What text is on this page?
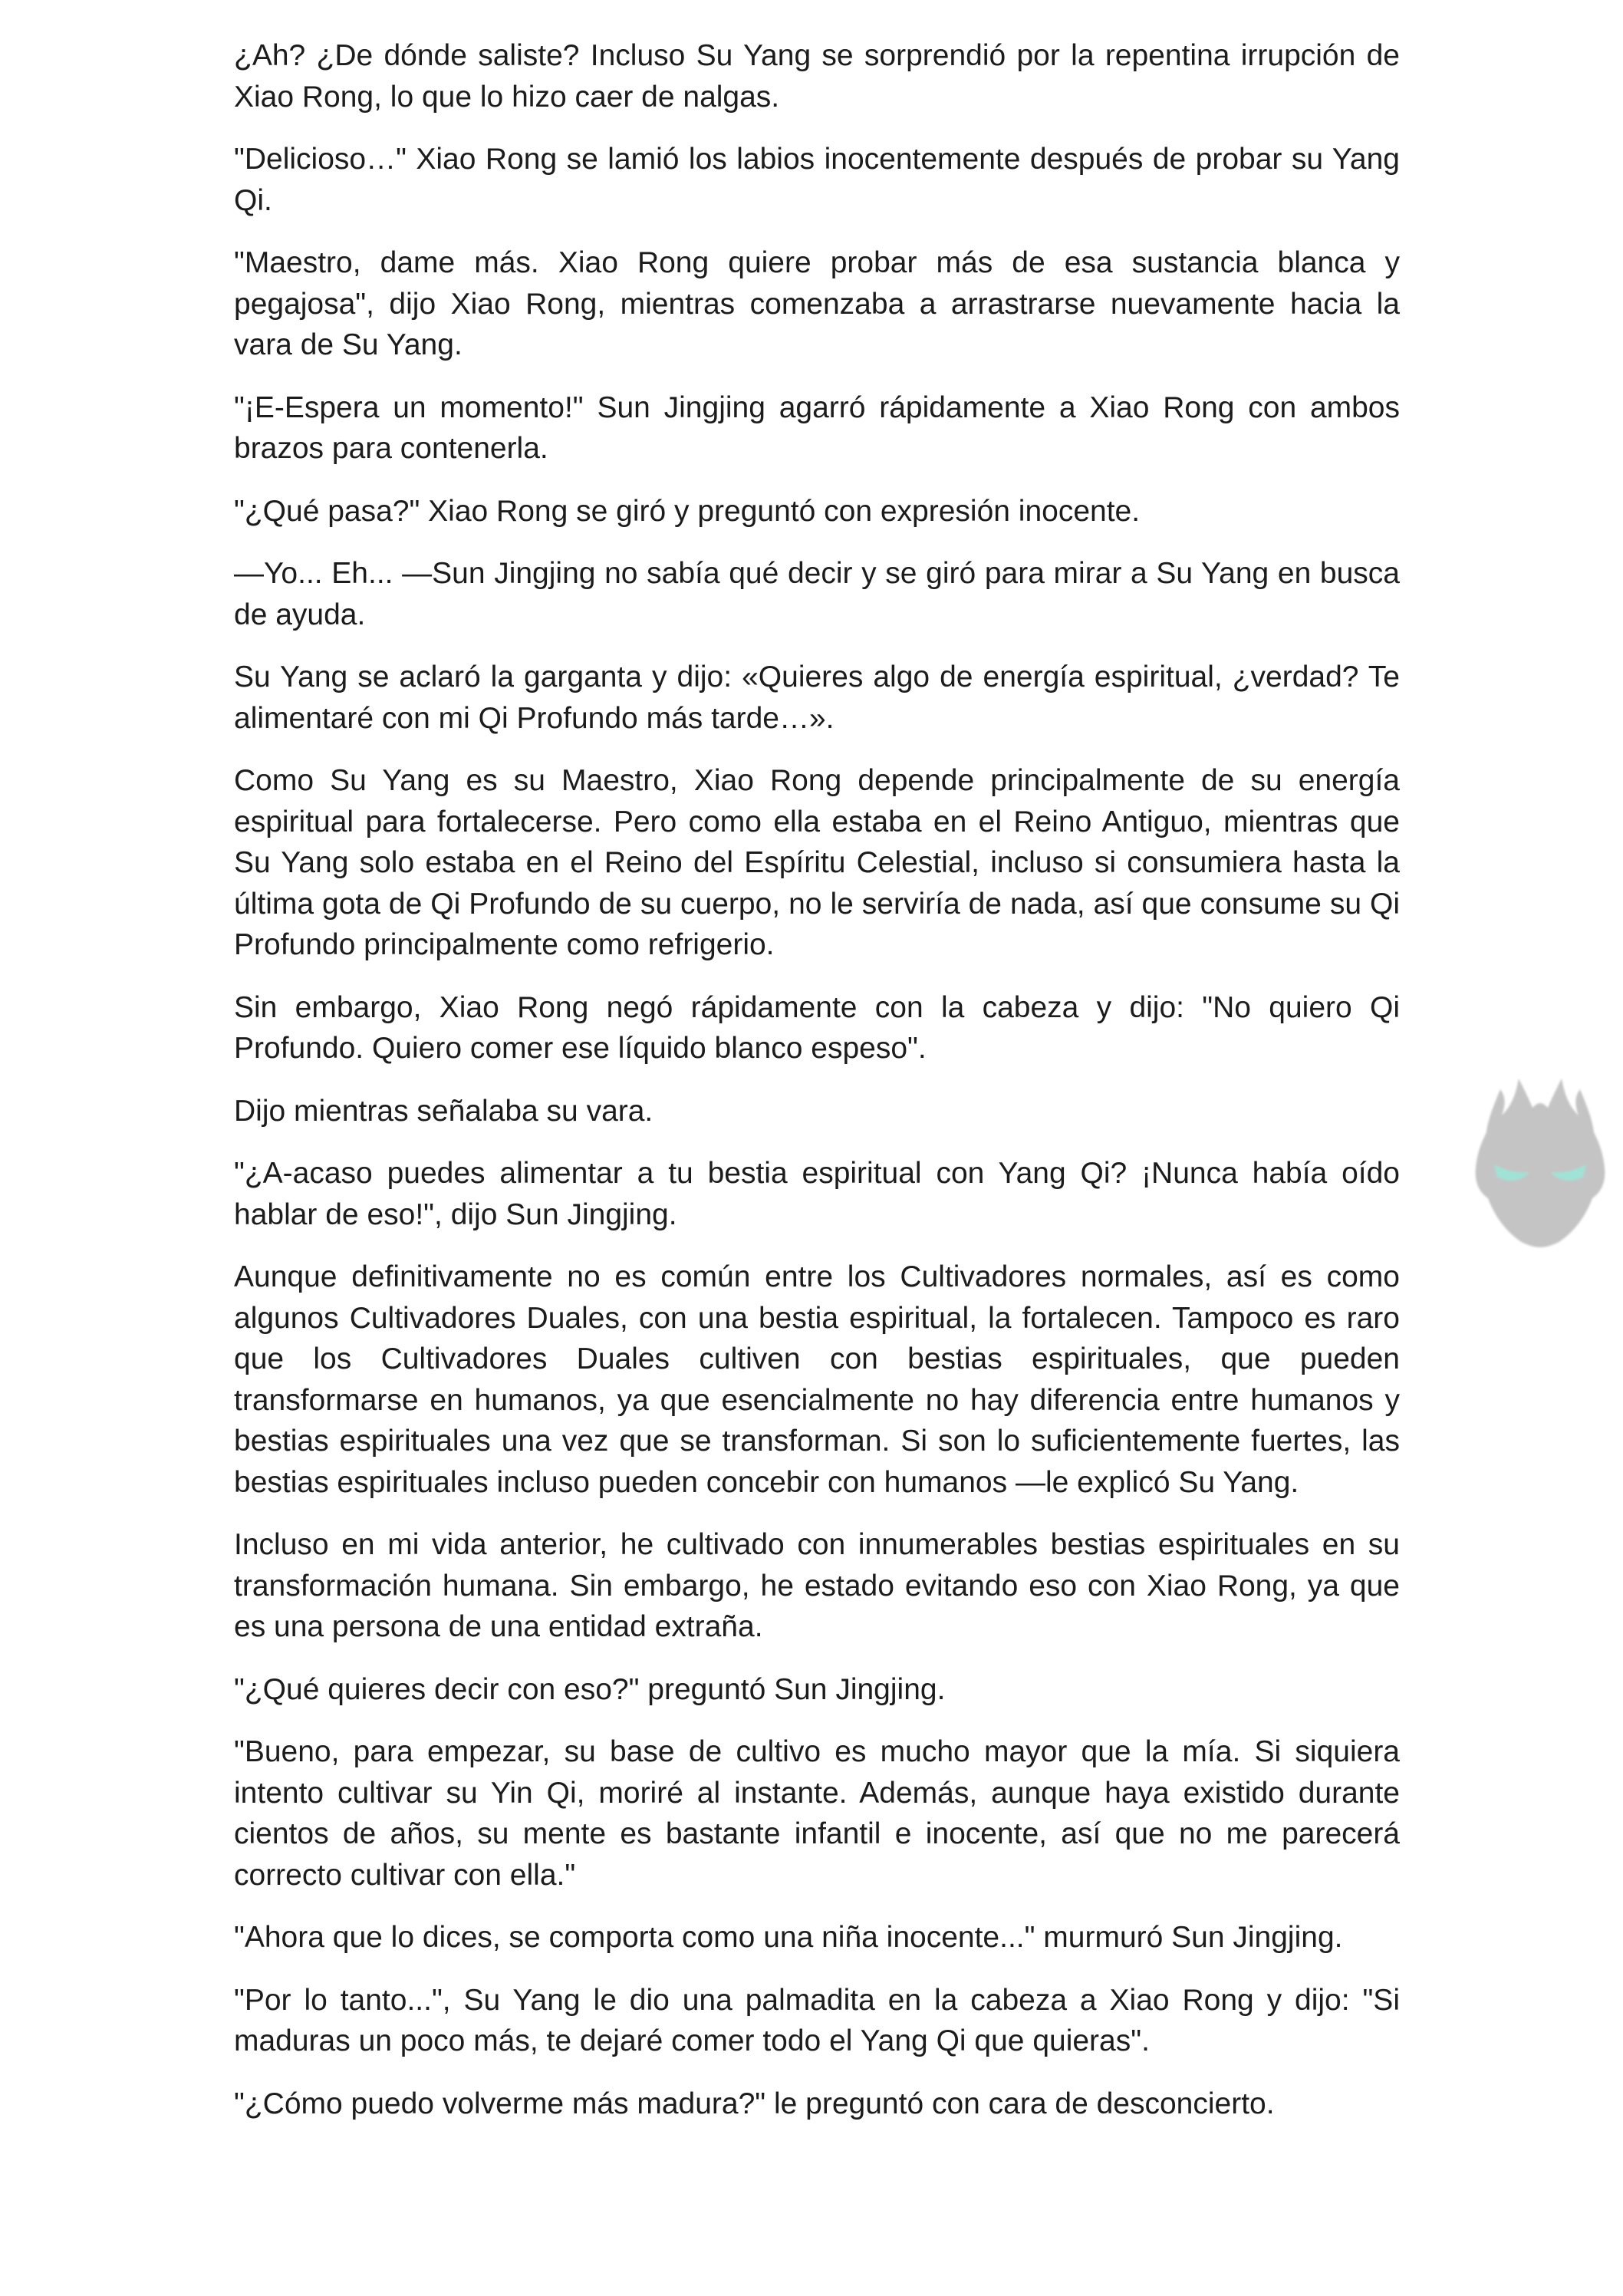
¿Ah? ¿De dónde saliste? Incluso Su Yang se sorprendió por la repentina irrupción de Xiao Rong, lo que lo hizo caer de nalgas.

"Delicioso…" Xiao Rong se lamió los labios inocentemente después de probar su Yang Qi.

"Maestro, dame más. Xiao Rong quiere probar más de esa sustancia blanca y pegajosa", dijo Xiao Rong, mientras comenzaba a arrastrarse nuevamente hacia la vara de Su Yang.

"¡E-Espera un momento!" Sun Jingjing agarró rápidamente a Xiao Rong con ambos brazos para contenerla.

"¿Qué pasa?" Xiao Rong se giró y preguntó con expresión inocente.

—Yo... Eh... —Sun Jingjing no sabía qué decir y se giró para mirar a Su Yang en busca de ayuda.

Su Yang se aclaró la garganta y dijo: «Quieres algo de energía espiritual, ¿verdad? Te alimentaré con mi Qi Profundo más tarde…».

Como Su Yang es su Maestro, Xiao Rong depende principalmente de su energía espiritual para fortalecerse. Pero como ella estaba en el Reino Antiguo, mientras que Su Yang solo estaba en el Reino del Espíritu Celestial, incluso si consumiera hasta la última gota de Qi Profundo de su cuerpo, no le serviría de nada, así que consume su Qi Profundo principalmente como refrigerio.

Sin embargo, Xiao Rong negó rápidamente con la cabeza y dijo: "No quiero Qi Profundo. Quiero comer ese líquido blanco espeso".

Dijo mientras señalaba su vara.

"¿A-acaso puedes alimentar a tu bestia espiritual con Yang Qi? ¡Nunca había oído hablar de eso!", dijo Sun Jingjing.

Aunque definitivamente no es común entre los Cultivadores normales, así es como algunos Cultivadores Duales, con una bestia espiritual, la fortalecen. Tampoco es raro que los Cultivadores Duales cultiven con bestias espirituales, que pueden transformarse en humanos, ya que esencialmente no hay diferencia entre humanos y bestias espirituales una vez que se transforman. Si son lo suficientemente fuertes, las bestias espirituales incluso pueden concebir con humanos —le explicó Su Yang.

Incluso en mi vida anterior, he cultivado con innumerables bestias espirituales en su transformación humana. Sin embargo, he estado evitando eso con Xiao Rong, ya que es una persona de una entidad extraña.

"¿Qué quieres decir con eso?" preguntó Sun Jingjing.

"Bueno, para empezar, su base de cultivo es mucho mayor que la mía. Si siquiera intento cultivar su Yin Qi, moriré al instante. Además, aunque haya existido durante cientos de años, su mente es bastante infantil e inocente, así que no me parecerá correcto cultivar con ella."

"Ahora que lo dices, se comporta como una niña inocente..." murmuró Sun Jingjing.

"Por lo tanto...", Su Yang le dio una palmadita en la cabeza a Xiao Rong y dijo: "Si maduras un poco más, te dejaré comer todo el Yang Qi que quieras".

"¿Cómo puedo volverme más madura?" le preguntó con cara de desconcierto.
